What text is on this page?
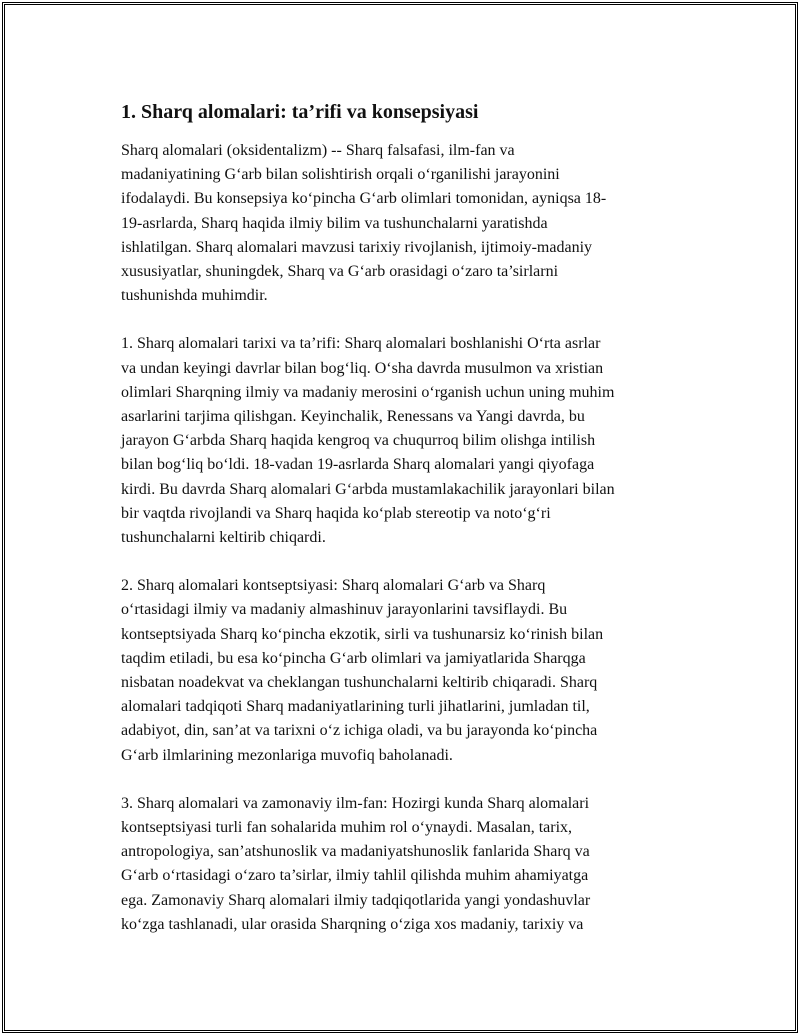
1. Sharq alomalari: ta’rifi va konsepsiyasi

Sharq alomalari (oksidentalizm) -- Sharq falsafasi, ilm-fan va
madaniyatining G‘arb bilan solishtirish orqali o‘rganilishi jarayonini
ifodalaydi. Bu konsepsiya ko‘pincha G‘arb olimlari tomonidan, ayniqsa 18-
19-asrlarda, Sharq haqida ilmiy bilim va tushunchalarni yaratishda
ishlatilgan. Sharq alomalari mavzusi tarixiy rivojlanish, ijtimoiy-madaniy
xususiyatlar, shuningdek, Sharq va G‘arb orasidagi o‘zaro ta’sirlarni
tushunishda muhimdir.

1. Sharq alomalari tarixi va ta’rifi: Sharq alomalari boshlanishi O‘rta asrlar
va undan keyingi davrlar bilan bog‘liq. O‘sha davrda musulmon va xristian
olimlari Sharqning ilmiy va madaniy merosini o‘rganish uchun uning muhim
asarlarini tarjima qilishgan. Keyinchalik, Renessans va Yangi davrda, bu
jarayon G‘arbda Sharq haqida kengroq va chuqurroq bilim olishga intilish
bilan bog‘liq bo‘ldi. 18-vadan 19-asrlarda Sharq alomalari yangi qiyofaga
kirdi. Bu davrda Sharq alomalari G‘arbda mustamlakachilik jarayonlari bilan
bir vaqtda rivojlandi va Sharq haqida ko‘plab stereotip va noto‘g‘ri
tushunchalarni keltirib chiqardi.

2. Sharq alomalari kontseptsiyasi: Sharq alomalari G‘arb va Sharq
o‘rtasidagi ilmiy va madaniy almashinuv jarayonlarini tavsiflaydi. Bu
kontseptsiyada Sharq ko‘pincha ekzotik, sirli va tushunarsiz ko‘rinish bilan
taqdim etiladi, bu esa ko‘pincha G‘arb olimlari va jamiyatlarida Sharqga
nisbatan noadekvat va cheklangan tushunchalarni keltirib chiqaradi. Sharq
alomalari tadqiqoti Sharq madaniyatlarining turli jihatlarini, jumladan til,
adabiyot, din, san’at va tarixni o‘z ichiga oladi, va bu jarayonda ko‘pincha
G‘arb ilmlarining mezonlariga muvofiq baholanadi.

3. Sharq alomalari va zamonaviy ilm-fan: Hozirgi kunda Sharq alomalari
kontseptsiyasi turli fan sohalarida muhim rol o‘ynaydi. Masalan, tarix,
antropologiya, san’atshunoslik va madaniyatshunoslik fanlarida Sharq va
G‘arb o‘rtasidagi o‘zaro ta’sirlar, ilmiy tahlil qilishda muhim ahamiyatga
ega. Zamonaviy Sharq alomalari ilmiy tadqiqotlarida yangi yondashuvlar
ko‘zga tashlanadi, ular orasida Sharqning o‘ziga xos madaniy, tarixiy va
